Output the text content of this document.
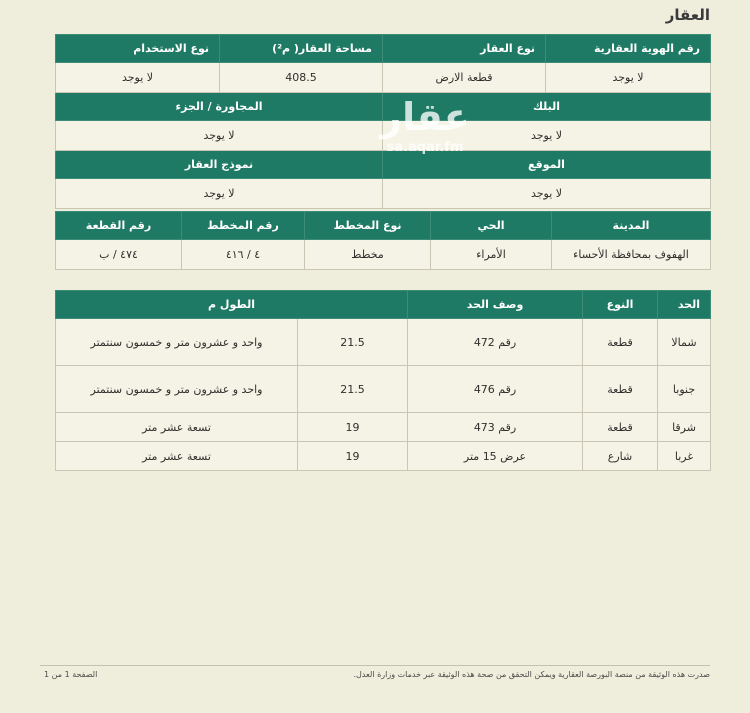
العقار
رقم الهوية العقارية	نوع العقار	مساحة العقار( م²)	نوع الاستخدام
لا يوجد	قطعة الارض	408.5	لا يوجد
البلك		المجاورة / الجزء	
لا يوجد		لا يوجد	
الموقع		نموذج العقار	
لا يوجد		لا يوجد	
المدينة	الحي	نوع المخطط	رقم المخطط	رقم القطعة
الهفوف بمحافظة الأحساء	الأمراء	مخطط	٤ / ٤١٦	٤٧٤ / ب
عقار
sa.aqar.fm
الحد	النوع	وصف الحد	الطول م	
شمالا	قطعة	رقم 472	21.5	واحد و عشرون متر و خمسون سنتمتر
جنوبا	قطعة	رقم 476	21.5	واحد و عشرون متر و خمسون سنتمتر
شرقا	قطعة	رقم 473	19	تسعة عشر متر
غربا	شارع	عرض 15 متر	19	تسعة عشر متر
صدرت هذه الوثيقة من منصة البورصة العقارية ويمكن التحقق من صحة هذه الوثيقة عبر خدمات وزارة العدل.
الصفحة 1 من 1
